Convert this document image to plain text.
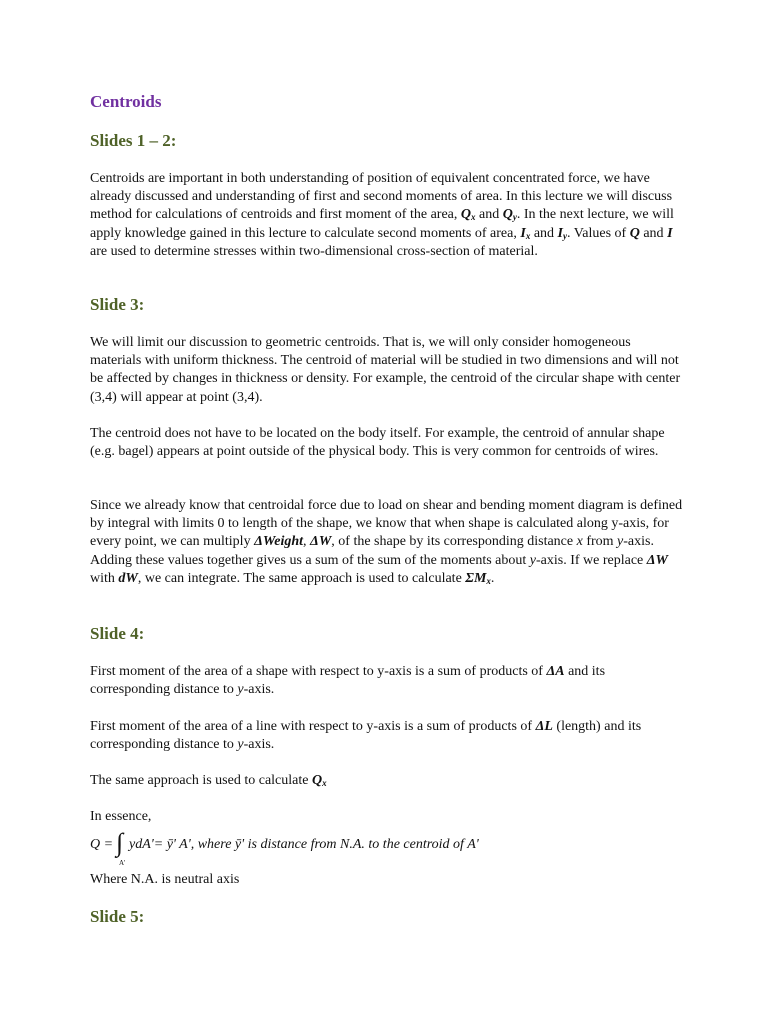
Centroids
Slides 1 – 2:

Centroids are important in both understanding of position of equivalent concentrated force, we have already discussed and understanding of first and second moments of area. In this lecture we will discuss method for calculations of centroids and first moment of the area, $Q_x$ and $Q_y$. In the next lecture, we will apply knowledge gained in this lecture to calculate second moments of area, $I_x$ and $I_y$. Values of Q and I are used to determine stresses within two-dimensional cross-section of material.

Slide 3:

We will limit our discussion to geometric centroids. That is, we will only consider homogeneous materials with uniform thickness. The centroid of material will be studied in two dimensions and will not be affected by changes in thickness or density. For example, the centroid of the circular shape with center (3,4) will appear at point (3,4).

The centroid does not have to be located on the body itself. For example, the centroid of annular shape (e.g. bagel) appears at point outside of the physical body. This is very common for centroids of wires.

Since we already know that centroidal force due to load on shear and bending moment diagram is defined by integral with limits 0 to length of the shape, we know that when shape is calculated along y-axis, for every point, we can multiply ΔWeight, ΔW, of the shape by its corresponding distance x from y-axis. Adding these values together gives us a sum of the sum of the moments about y-axis. If we replace ΔW with dW, we can integrate. The same approach is used to calculate $\Sigma M_x$.

Slide 4:

First moment of the area of a shape with respect to y-axis is a sum of products of ΔA and its corresponding distance to y-axis.

First moment of the area of a line with respect to y-axis is a sum of products of ΔL (length) and its corresponding distance to y-axis.

The same approach is used to calculate $Q_x$

In essence,

Q = ∫
A'
ydA'= ȳ' A', where ȳ' is distance from N.A. to the centroid of A'

Where N.A. is neutral axis

Slide 5:
